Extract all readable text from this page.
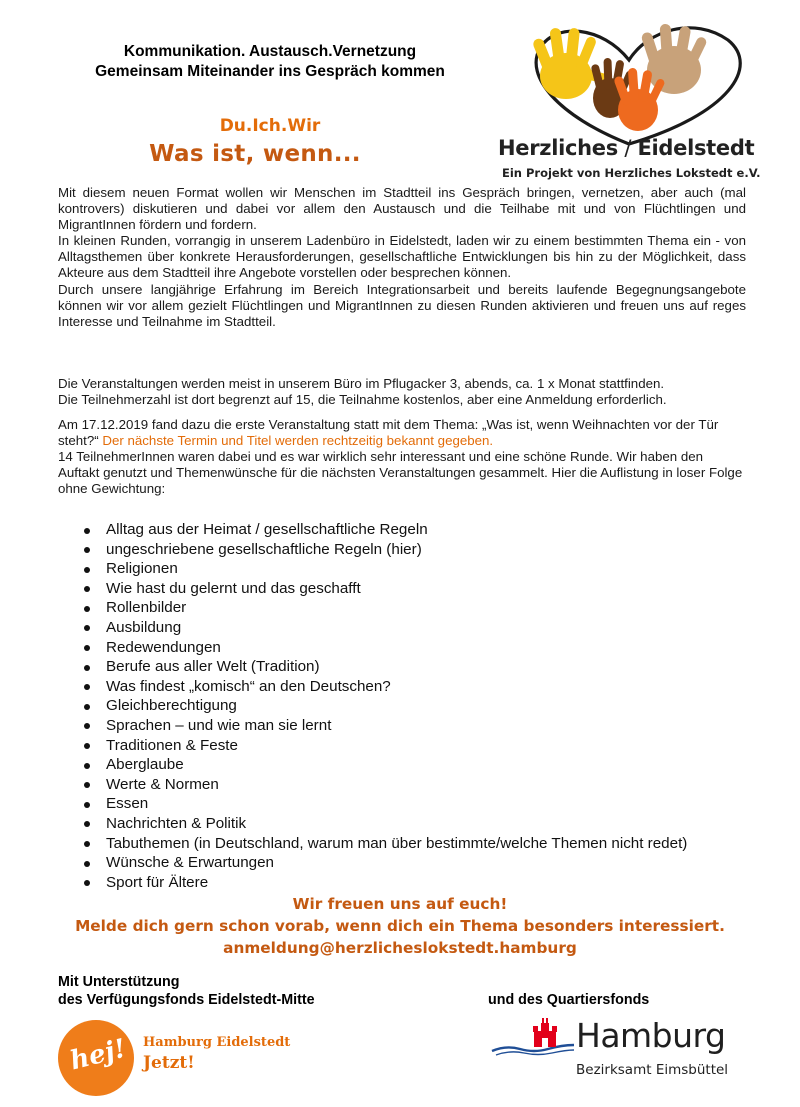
Kommunikation. Austausch.Vernetzung
Gemeinsam Miteinander ins Gespräch kommen
Herzliches / Eidelstedt
Ein Projekt von Herzliches Lokstedt e.V.
Du.Ich.Wir
Was ist, wenn...

Mit diesem neuen Format wollen wir Menschen im Stadtteil ins Gespräch bringen, vernetzen, aber auch (mal kontrovers) diskutieren und dabei vor allem den Austausch und die Teilhabe mit und von Flüchtlingen und MigrantInnen fördern und fordern.

In kleinen Runden, vorrangig in unserem Ladenbüro in Eidelstedt, laden wir zu einem bestimmten Thema ein - von Alltagsthemen über konkrete Herausforderungen, gesellschaftliche Entwicklungen bis hin zu der Möglichkeit, dass Akteure aus dem Stadtteil ihre Angebote vorstellen oder besprechen können.

Durch unsere langjährige Erfahrung im Bereich Integrationsarbeit und bereits laufende Begegnungsangebote können wir vor allem gezielt Flüchtlingen und MigrantInnen zu diesen Runden aktivieren und freuen uns auf reges Interesse und Teilnahme im Stadtteil.

Die Veranstaltungen werden meist in unserem Büro im Pflugacker 3, abends, ca. 1 x Monat stattfinden.

Die Teilnehmerzahl ist dort begrenzt auf 15, die Teilnahme kostenlos, aber eine Anmeldung erforderlich.

Am 17.12.2019 fand dazu die erste Veranstaltung statt mit dem Thema: „Was ist, wenn Weihnachten vor der Tür steht?“ Der nächste Termin und Titel werden rechtzeitig bekannt gegeben.

14 TeilnehmerInnen waren dabei und es war wirklich sehr interessant und eine schöne Runde. Wir haben den Auftakt genutzt und Themenwünsche für die nächsten Veranstaltungen gesammelt. Hier die Auflistung in loser Folge ohne Gewichtung:

Alltag aus der Heimat / gesellschaftliche Regeln
ungeschriebene gesellschaftliche Regeln (hier)
Religionen
Wie hast du gelernt und das geschafft
Rollenbilder
Ausbildung
Redewendungen
Berufe aus aller Welt (Tradition)
Was findest „komisch“ an den Deutschen?
Gleichberechtigung
Sprachen – und wie man sie lernt
Traditionen & Feste
Aberglaube
Werte & Normen
Essen
Nachrichten & Politik
Tabuthemen (in Deutschland, warum man über bestimmte/welche Themen nicht redet)
Wünsche & Erwartungen
Sport für Ältere
Wir freuen uns auf euch!
Melde dich gern schon vorab, wenn dich ein Thema besonders interessiert.
anmeldung@herzlicheslokstedt.hamburg
Mit Unterstützung
des Verfügungsfonds Eidelstedt-Mitte	und des Quartiersfonds
hej! Hamburg Eidelstedt
Jetzt!
Hamburg
Bezirksamt Eimsbüttel
